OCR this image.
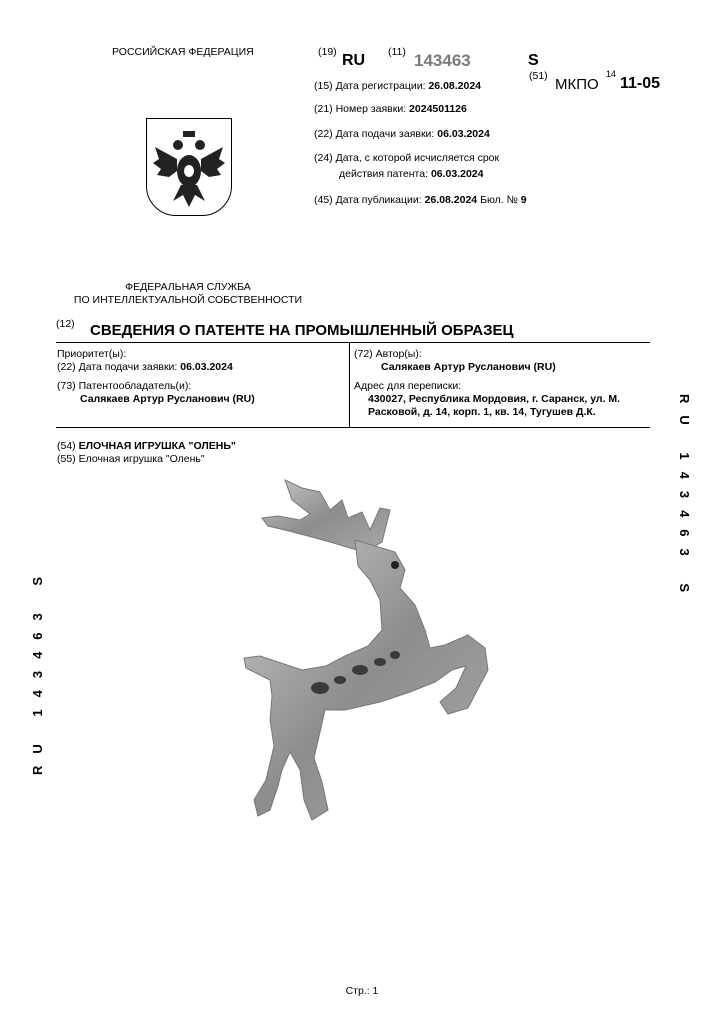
РОССИЙСКАЯ ФЕДЕРАЦИЯ	(19) RU (11) 143463	S
(51) МКПО
14
11-05
(15) Дата регистрации: 26.08.2024
(21) Номер заявки: 2024501126
(22) Дата подачи заявки: 06.03.2024
(24) Дата, с которой исчисляется срок
действия патента: 06.03.2024
(45) Дата публикации: 26.08.2024 Бюл. № 9
ФЕДЕРАЛЬНАЯ СЛУЖБА
ПО ИНТЕЛЛЕКТУАЛЬНОЙ СОБСТВЕННОСТИ
(12) СВЕДЕНИЯ О ПАТЕНТЕ НА ПРОМЫШЛЕННЫЙ ОБРАЗЕЦ
Приоритет(ы):
(22) Дата подачи заявки: 06.03.2024
(73) Патентообладатель(и):
Салякаев Артур Русланович (RU)
(72) Автор(ы):
Салякаев Артур Русланович (RU)
Адрес для переписки:
430027, Республика Мордовия, г. Саранск, ул. М.
Расковой, д. 14, корп. 1, кв. 14, Тугушев Д.К.
(54) ЕЛОЧНАЯ ИГРУШКА "ОЛЕНЬ"
(55) Елочная игрушка "Олень"	RU 143463 S
RU 143463 S
Стр.: 1
